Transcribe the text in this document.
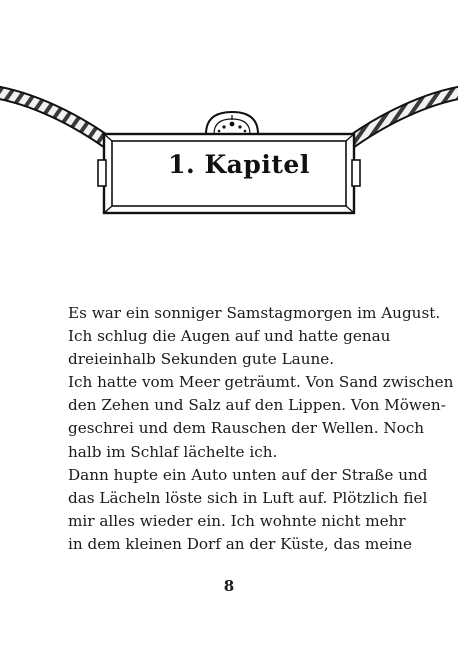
1. Kapitel

Es war ein sonniger Samstagmorgen im August.
Ich schlug die Augen auf und hatte genau
dreieinhalb Sekunden gute Laune.
Ich hatte vom Meer geträumt. Von Sand zwischen
den Zehen und Salz auf den Lippen. Von Möwen-
geschrei und dem Rauschen der Wellen. Noch
halb im Schlaf lächelte ich.
Dann hupte ein Auto unten auf der Straße und
das Lächeln löste sich in Luft auf. Plötzlich fiel
mir alles wieder ein. Ich wohnte nicht mehr
in dem kleinen Dorf an der Küste, das meine

8
